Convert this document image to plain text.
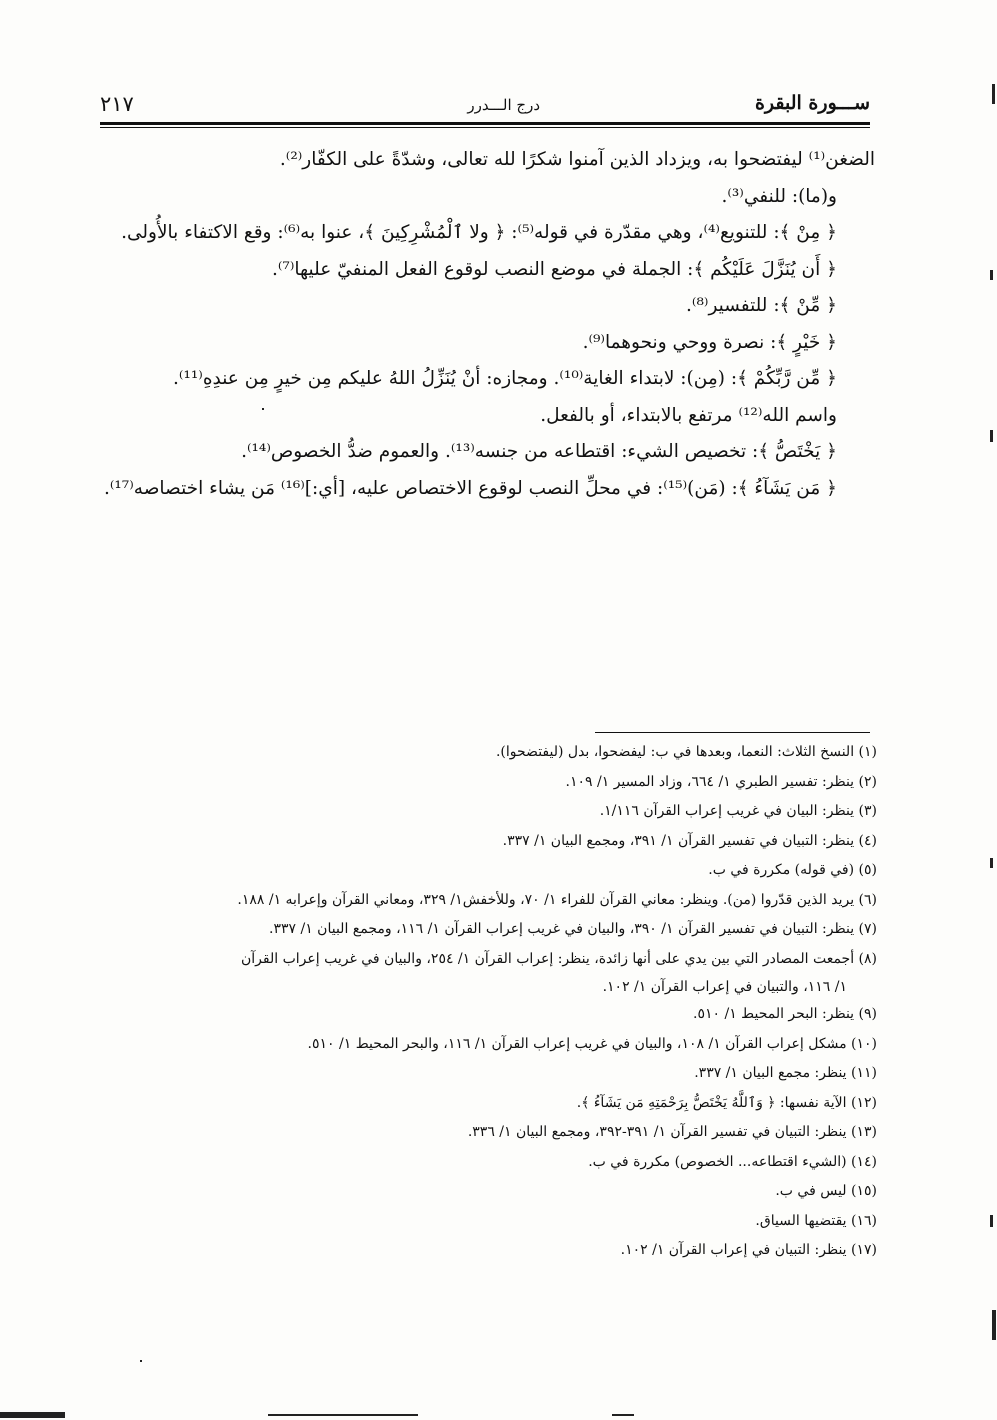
ســـورة البقرة
درج الـــدرر
٢١٧

الضغن⁽¹⁾ ليفتضحوا به، ويزداد الذين آمنوا شكرًا لله تعالى، وشدّةً على الكفّار⁽²⁾.

و(ما): للنفي⁽³⁾.

﴿ مِنْ ﴾: للتنويع⁽⁴⁾، وهي مقدّرة في قوله⁽⁵⁾: ﴿ ولا ٱلْمُشْرِكِينَ ﴾، عنوا به⁽⁶⁾: وقع الاكتفاء بالأُولى.

﴿ أَن يُنَزَّلَ عَلَيْكُم ﴾: الجملة في موضع النصب لوقوع الفعل المنفيّ عليها⁽⁷⁾.

﴿ مِّنْ ﴾: للتفسير⁽⁸⁾.

﴿ خَيْرٍ ﴾: نصرة ووحي ونحوهما⁽⁹⁾.

﴿ مِّن رَّبِّكُمْ ﴾: (مِن): لابتداء الغاية⁽¹⁰⁾. ومجازه: أنْ يُنَزِّلُ اللهُ عليكم مِن خيرٍ مِن عندِهِ⁽¹¹⁾.

واسم الله⁽¹²⁾ مرتفع بالابتداء، أو بالفعل.

﴿ يَخْتَصُّ ﴾: تخصيص الشيء: اقتطاعه من جنسه⁽¹³⁾. والعموم ضدُّ الخصوص⁽¹⁴⁾.

﴿ مَن يَشَآءُ ﴾: (مَن)⁽¹⁵⁾: في محلِّ النصب لوقوع الاختصاص عليه، [أي:]⁽¹⁶⁾ مَن يشاء اختصاصه⁽¹⁷⁾.

(١) النسخ الثلاث: النعما، وبعدها في ب: ليفضحوا، بدل (ليفتضحوا).

(٢) ينظر: تفسير الطبري ١/ ٦٦٤، وزاد المسير ١/ ١٠٩.

(٣) ينظر: البيان في غريب إعراب القرآن ١/١١٦.

(٤) ينظر: التبيان في تفسير القرآن ١/ ٣٩١، ومجمع البيان ١/ ٣٣٧.

(٥) (في قوله) مكررة في ب.

(٦) يريد الذين قدّروا (من). وينظر: معاني القرآن للفراء ١/ ٧٠، وللأخفش١/ ٣٢٩، ومعاني القرآن وإعرابه ١/ ١٨٨.

(٧) ينظر: التبيان في تفسير القرآن ١/ ٣٩٠، والبيان في غريب إعراب القرآن ١/ ١١٦، ومجمع البيان ١/ ٣٣٧.

(٨) أجمعت المصادر التي بين يدي على أنها زائدة، ينظر: إعراب القرآن ١/ ٢٥٤، والبيان في غريب إعراب القرآن

١/ ١١٦، والتبيان في إعراب القرآن ١/ ١٠٢.

(٩) ينظر: البحر المحيط ١/ ٥١٠.

(١٠) مشكل إعراب القرآن ١/ ١٠٨، والبيان في غريب إعراب القرآن ١/ ١١٦، والبحر المحيط ١/ ٥١٠.

(١١) ينظر: مجمع البيان ١/ ٣٣٧.

(١٢) الآية نفسها: ﴿ وَٱللَّهُ يَخْتَصُّ بِرَحْمَتِهِ مَن يَشَآءُ ﴾.

(١٣) ينظر: التبيان في تفسير القرآن ١/ ٣٩١-٣٩٢، ومجمع البيان ١/ ٣٣٦.

(١٤) (الشيء اقتطاعه... الخصوص) مكررة في ب.

(١٥) ليس في ب.

(١٦) يقتضيها السياق.

(١٧) ينظر: التبيان في إعراب القرآن ١/ ١٠٢.
